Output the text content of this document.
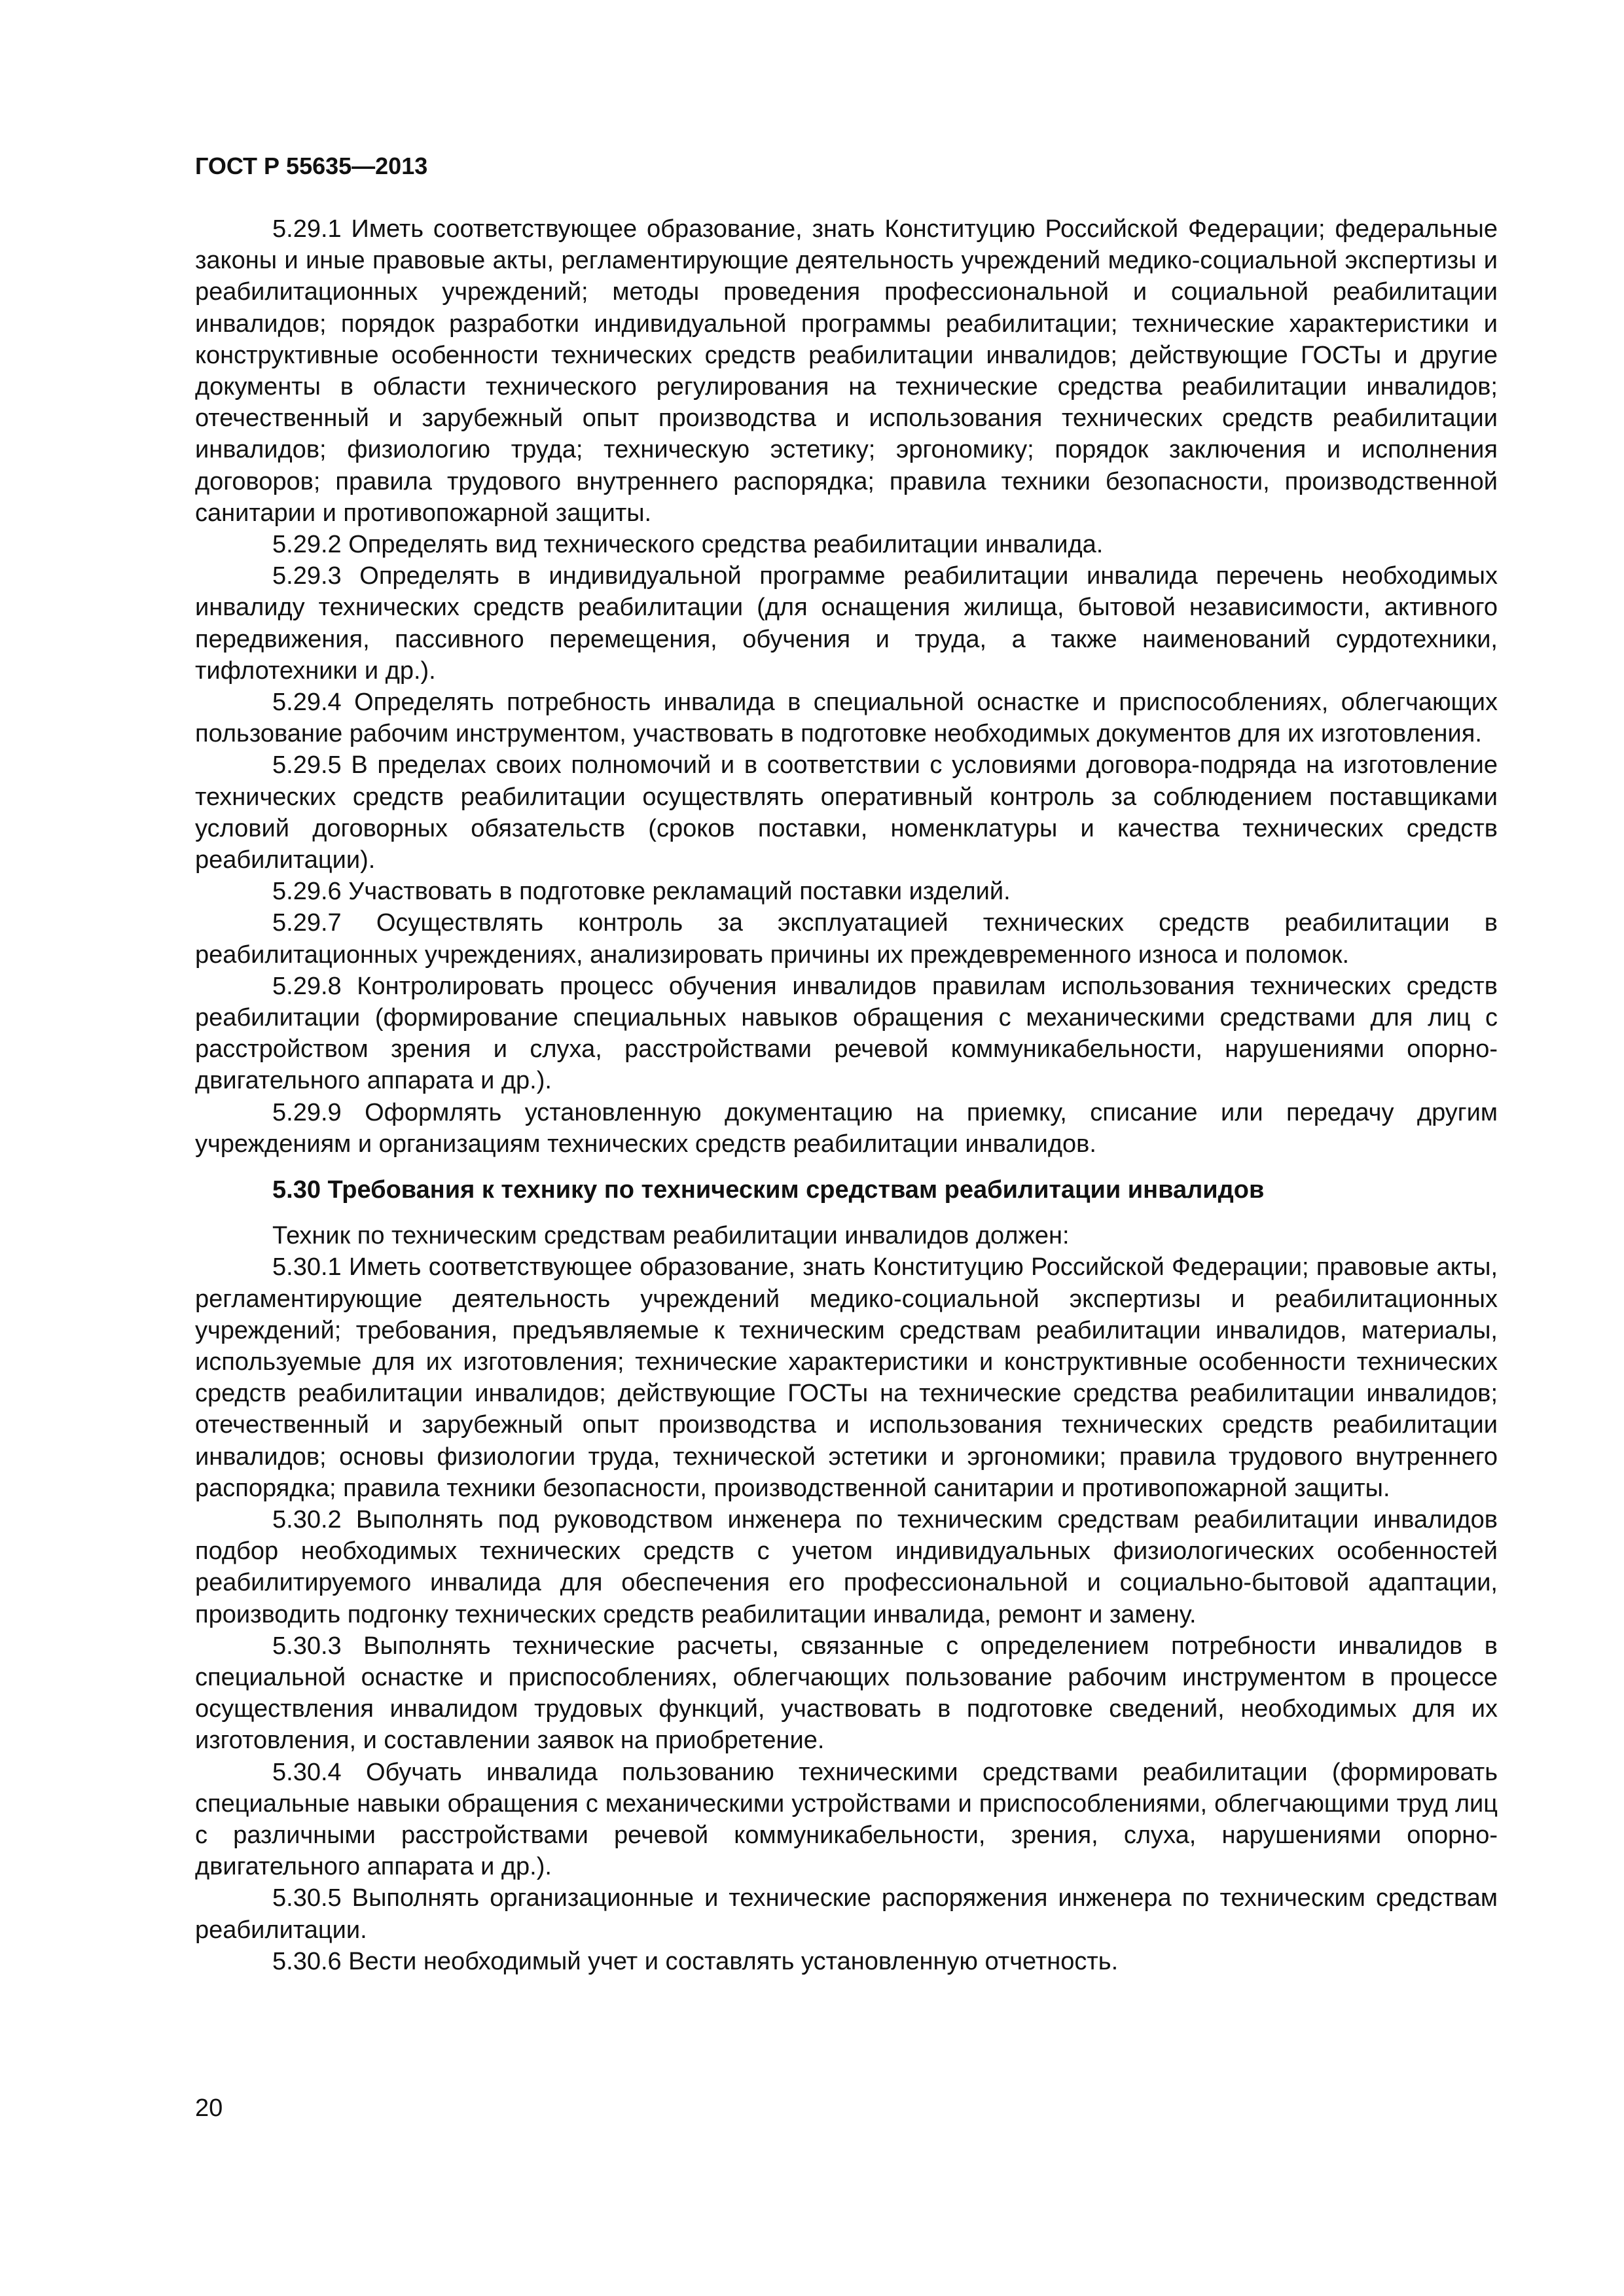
ГОСТ Р 55635—2013

5.29.1 Иметь соответствующее образование, знать Конституцию Российской Федерации; федеральные законы и иные правовые акты, регламентирующие деятельность учреждений медико-социальной экспертизы и реабилитационных учреждений; методы проведения профессиональной и социальной реабилитации инвалидов; порядок разработки индивидуальной программы реабилитации; технические характеристики и конструктивные особенности технических средств реабилитации инвалидов; действующие ГОСТы и другие документы в области технического регулирования на технические средства реабилитации инвалидов; отечественный и зарубежный опыт производства и использования технических средств реабилитации инвалидов; физиологию труда; техническую эстетику; эргономику; порядок заключения и исполнения договоров; правила трудового внутреннего распорядка; правила техники безопасности, производственной санитарии и противопожарной защиты.

5.29.2 Определять вид технического средства реабилитации инвалида.

5.29.3 Определять в индивидуальной программе реабилитации инвалида перечень необходимых инвалиду технических средств реабилитации (для оснащения жилища, бытовой независимости, активного передвижения, пассивного перемещения, обучения и труда, а также наименований сурдотехники, тифлотехники и др.).

5.29.4 Определять потребность инвалида в специальной оснастке и приспособлениях, облегчающих пользование рабочим инструментом, участвовать в подготовке необходимых документов для их изготовления.

5.29.5 В пределах своих полномочий и в соответствии с условиями договора-подряда на изготовление технических средств реабилитации осуществлять оперативный контроль за соблюдением поставщиками условий договорных обязательств (сроков поставки, номенклатуры и качества технических средств реабилитации).

5.29.6 Участвовать в подготовке рекламаций поставки изделий.

5.29.7 Осуществлять контроль за эксплуатацией технических средств реабилитации в реабилитационных учреждениях, анализировать причины их преждевременного износа и поломок.

5.29.8 Контролировать процесс обучения инвалидов правилам использования технических средств реабилитации (формирование специальных навыков обращения с механическими средствами для лиц с расстройством зрения и слуха, расстройствами речевой коммуникабельности, нарушениями опорно-двигательного аппарата и др.).

5.29.9 Оформлять установленную документацию на приемку, списание или передачу другим учреждениям и организациям технических средств реабилитации инвалидов.

5.30 Требования к технику по техническим средствам реабилитации инвалидов

Техник по техническим средствам реабилитации инвалидов должен:

5.30.1 Иметь соответствующее образование, знать Конституцию Российской Федерации; правовые акты, регламентирующие деятельность учреждений медико-социальной экспертизы и реабилитационных учреждений; требования, предъявляемые к техническим средствам реабилитации инвалидов, материалы, используемые для их изготовления; технические характеристики и конструктивные особенности технических средств реабилитации инвалидов; действующие ГОСТы на технические средства реабилитации инвалидов; отечественный и зарубежный опыт производства и использования технических средств реабилитации инвалидов; основы физиологии труда, технической эстетики и эргономики; правила трудового внутреннего распорядка; правила техники безопасности, производственной санитарии и противопожарной защиты.

5.30.2 Выполнять под руководством инженера по техническим средствам реабилитации инвалидов подбор необходимых технических средств с учетом индивидуальных физиологических особенностей реабилитируемого инвалида для обеспечения его профессиональной и социально-бытовой адаптации, производить подгонку технических средств реабилитации инвалида, ремонт и замену.

5.30.3 Выполнять технические расчеты, связанные с определением потребности инвалидов в специальной оснастке и приспособлениях, облегчающих пользование рабочим инструментом в процессе осуществления инвалидом трудовых функций, участвовать в подготовке сведений, необходимых для их изготовления, и составлении заявок на приобретение.

5.30.4 Обучать инвалида пользованию техническими средствами реабилитации (формировать специальные навыки обращения с механическими устройствами и приспособлениями, облегчающими труд лиц с различными расстройствами речевой коммуникабельности, зрения, слуха, нарушениями опорно-двигательного аппарата и др.).

5.30.5 Выполнять организационные и технические распоряжения инженера по техническим средствам реабилитации.

5.30.6 Вести необходимый учет и составлять установленную отчетность.

20
